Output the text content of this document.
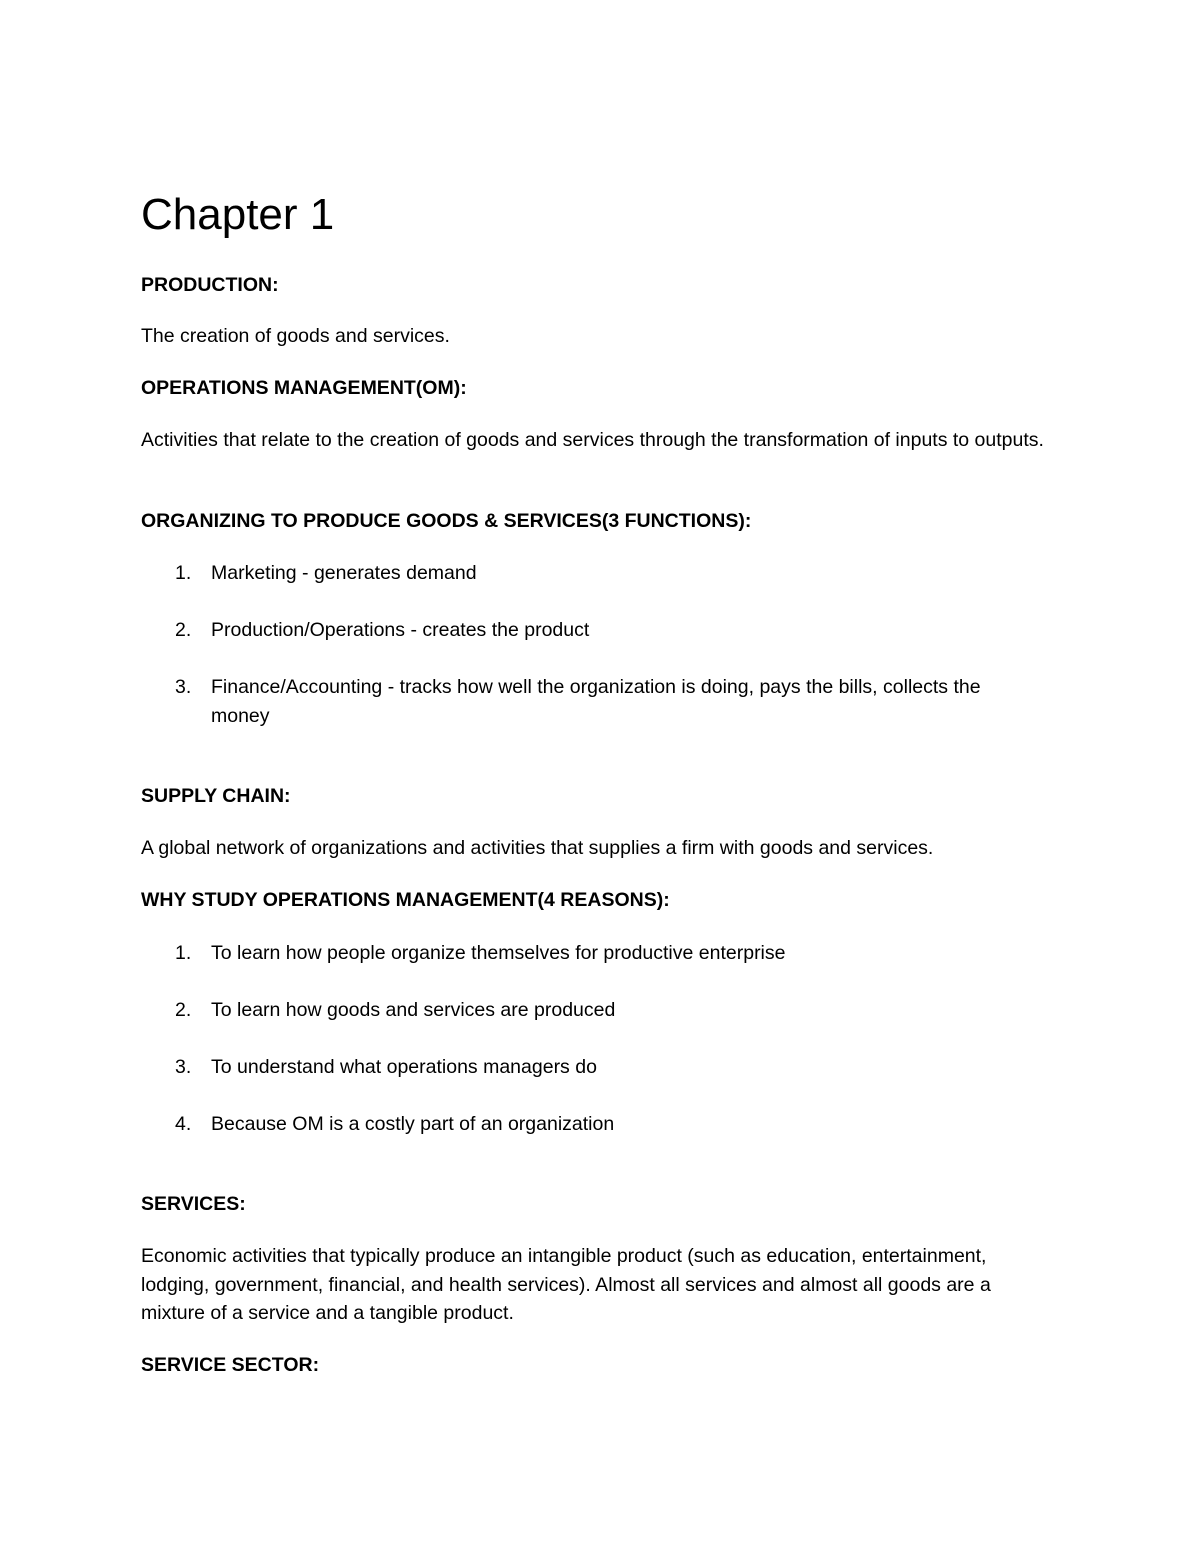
Chapter 1
PRODUCTION:

The creation of goods and services.

OPERATIONS MANAGEMENT(OM):

Activities that relate to the creation of goods and services through the transformation of inputs to outputs.

ORGANIZING TO PRODUCE GOODS & SERVICES(3 FUNCTIONS):
1. Marketing - generates demand
2. Production/Operations - creates the product
3. Finance/Accounting - tracks how well the organization is doing, pays the bills, collects the money
SUPPLY CHAIN:

A global network of organizations and activities that supplies a firm with goods and services.

WHY STUDY OPERATIONS MANAGEMENT(4 REASONS):
1. To learn how people organize themselves for productive enterprise
2. To learn how goods and services are produced
3. To understand what operations managers do
4. Because OM is a costly part of an organization
SERVICES:

Economic activities that typically produce an intangible product (such as education, entertainment, lodging, government, financial, and health services). Almost all services and almost all goods are a mixture of a service and a tangible product.

SERVICE SECTOR:
